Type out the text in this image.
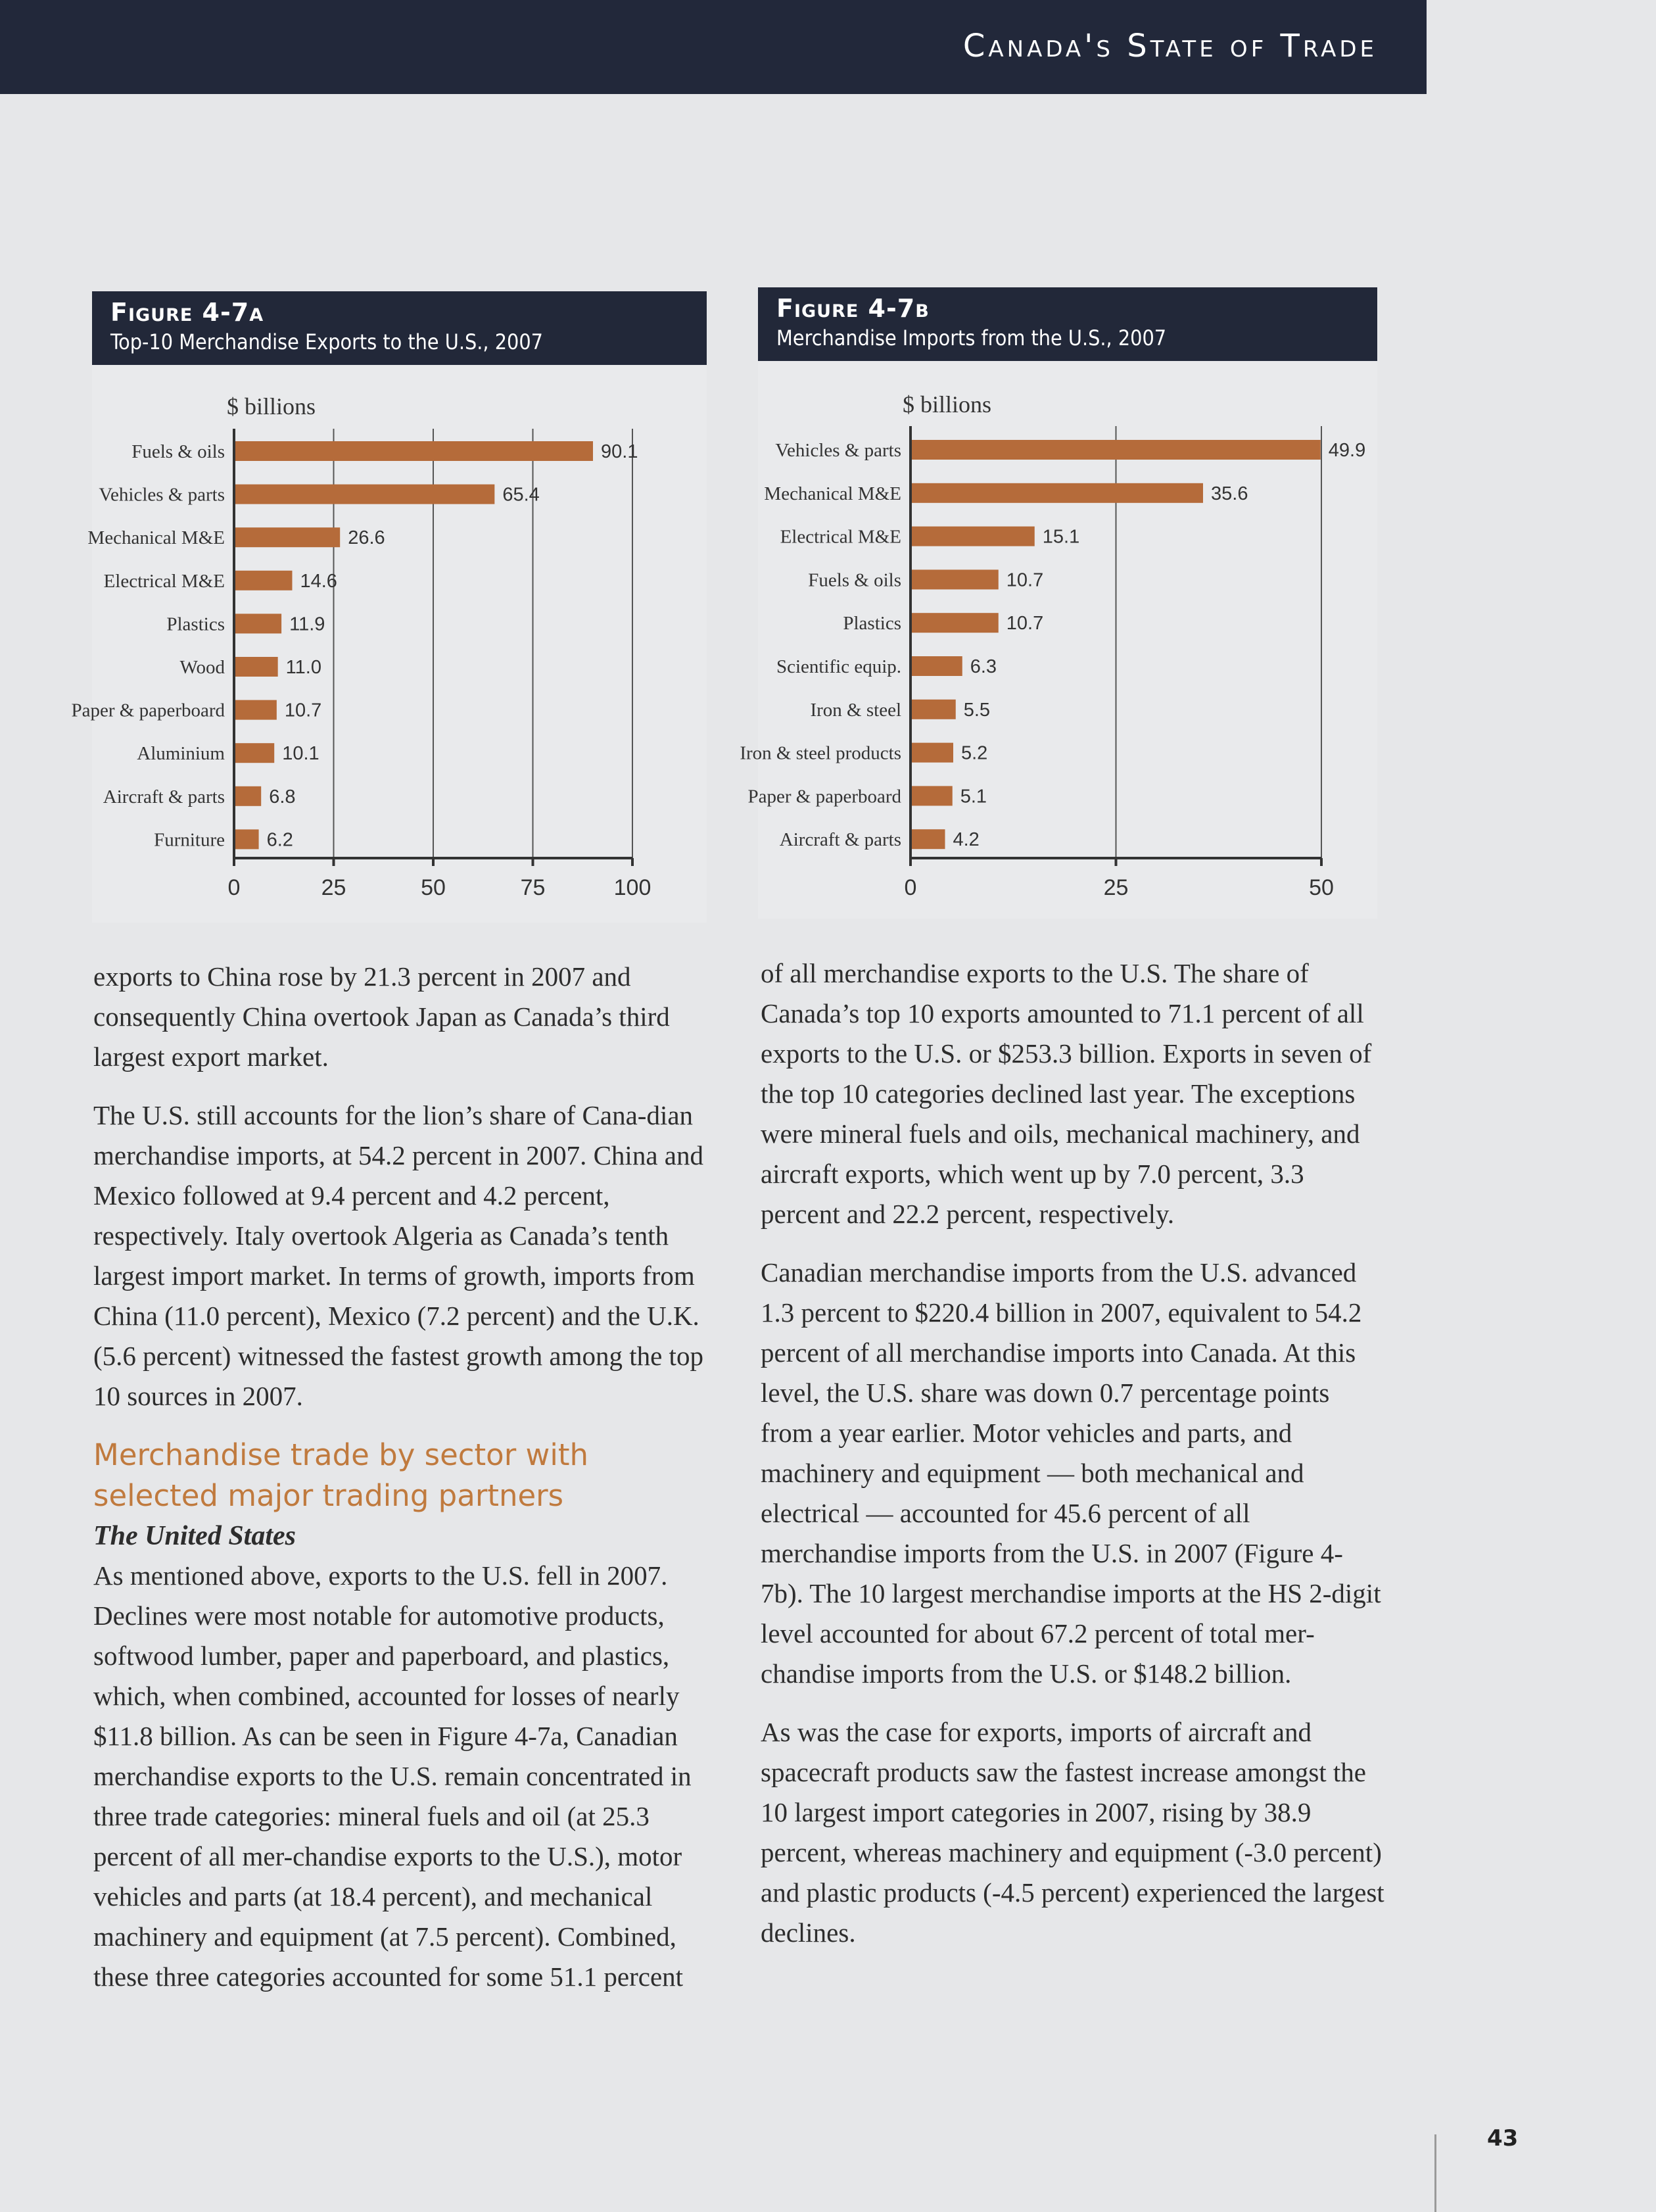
Canada's State of Trade
Figure 4-7a
Top-10 Merchandise Exports to the U.S., 2007
$ billions
Fuels & oils	90.1
Vehicles & parts	65.4
Mechanical M&E	26.6
Electrical M&E	14.6
Plastics	11.9
Wood	11.0
Paper & paperboard	10.7
Aluminium	10.1
Aircraft & parts 6.8
Furniture 6.2
0	25	50	75	100
Figure 4-7b
Merchandise Imports from the U.S., 2007
$ billions
Vehicles & parts	49.9
Mechanical M&E	35.6
Electrical M&E	15.1
Fuels & oils	10.7
Plastics	10.7
Scientific equip.	6.3
Iron & steel	5.5
Iron & steel products	5.2
Paper & paperboard	5.1
Aircraft & parts	4.2
0	25	50

exports to China rose by 21.3 percent in 2007 and consequently China overtook Japan as Canada’s third largest export market.

The U.S. still accounts for the lion’s share of Cana-dian merchandise imports, at 54.2 percent in 2007. China and Mexico followed at 9.4 percent and 4.2 percent, respectively. Italy overtook Algeria as Canada’s tenth largest import market. In terms of growth, imports from China (11.0 percent), Mexico (7.2 percent) and the U.K. (5.6 percent) witnessed the fastest growth among the top 10 sources in 2007.

Merchandise trade by sector with selected major trading partners
The United States

As mentioned above, exports to the U.S. fell in 2007. Declines were most notable for automotive products, softwood lumber, paper and paperboard, and plastics, which, when combined, accounted for losses of nearly $11.8 billion. As can be seen in Figure 4-7a, Canadian merchandise exports to the U.S. remain concentrated in three trade categories: mineral fuels and oil (at 25.3 percent of all mer-chandise exports to the U.S.), motor vehicles and parts (at 18.4 percent), and mechanical machinery and equipment (at 7.5 percent). Combined, these three categories accounted for some 51.1 percent

of all merchandise exports to the U.S. The share of Canada’s top 10 exports amounted to 71.1 percent of all exports to the U.S. or $253.3 billion. Exports in seven of the top 10 categories declined last year. The exceptions were mineral fuels and oils, mechanical machinery, and aircraft exports, which went up by 7.0 percent, 3.3 percent and 22.2 percent, respectively.

Canadian merchandise imports from the U.S. advanced 1.3 percent to $220.4 billion in 2007, equivalent to 54.2 percent of all merchandise imports into Canada. At this level, the U.S. share was down 0.7 percentage points from a year earlier. Motor vehicles and parts, and machinery and equipment — both mechanical and electrical — accounted for 45.6 percent of all merchandise imports from the U.S. in 2007 (Figure 4-7b). The 10 largest merchandise imports at the HS 2-digit level accounted for about 67.2 percent of total mer-chandise imports from the U.S. or $148.2 billion.

As was the case for exports, imports of aircraft and spacecraft products saw the fastest increase amongst the 10 largest import categories in 2007, rising by 38.9 percent, whereas machinery and equipment (-3.0 percent) and plastic products (-4.5 percent) experienced the largest declines.

43
